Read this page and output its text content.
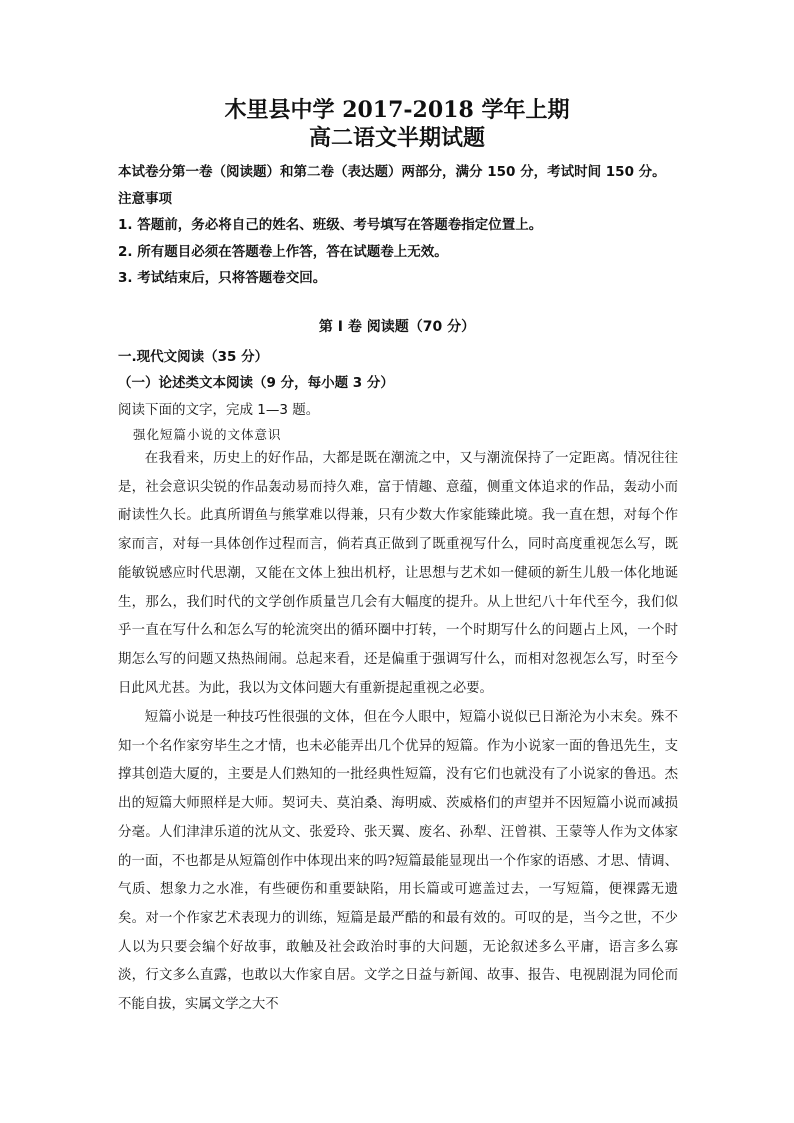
木里县中学 2017-2018 学年上期
高二语文半期试题
本试卷分第一卷（阅读题）和第二卷（表达题）两部分，满分 150 分，考试时间 150 分。
注意事项
1. 答题前，务必将自己的姓名、班级、考号填写在答题卷指定位置上。
2. 所有题目必须在答题卷上作答，答在试题卷上无效。
3. 考试结束后，只将答题卷交回。
第 I 卷 阅读题（70 分）
一.现代文阅读（35 分）
（一）论述类文本阅读（9 分，每小题 3 分）
阅读下面的文字，完成 1—3 题。
强化短篇小说的文体意识

在我看来，历史上的好作品，大都是既在潮流之中，又与潮流保持了一定距离。情况往往是，社会意识尖锐的作品轰动易而持久难，富于情趣、意蕴，侧重文体追求的作品，轰动小而耐读性久长。此真所谓鱼与熊掌难以得兼，只有少数大作家能臻此境。我一直在想，对每个作家而言，对每一具体创作过程而言，倘若真正做到了既重视写什么，同时高度重视怎么写，既能敏锐感应时代思潮，又能在文体上独出机杼，让思想与艺术如一健硕的新生儿般一体化地诞生，那么，我们时代的文学创作质量岂几会有大幅度的提升。从上世纪八十年代至今，我们似乎一直在写什么和怎么写的轮流突出的循环圈中打转，一个时期写什么的问题占上风，一个时期怎么写的问题又热热闹闹。总起来看，还是偏重于强调写什么，而相对忽视怎么写，时至今日此风尤甚。为此，我以为文体问题大有重新提起重视之必要。

短篇小说是一种技巧性很强的文体，但在今人眼中，短篇小说似已日渐沦为小末矣。殊不知一个名作家穷毕生之才情，也未必能弄出几个优异的短篇。作为小说家一面的鲁迅先生，支撑其创造大厦的，主要是人们熟知的一批经典性短篇，没有它们也就没有了小说家的鲁迅。杰出的短篇大师照样是大师。契诃夫、莫泊桑、海明威、茨威格们的声望并不因短篇小说而减损分毫。人们津津乐道的沈从文、张爱玲、张天翼、废名、孙犁、汪曾祺、王蒙等人作为文体家的一面，不也都是从短篇创作中体现出来的吗?短篇最能显现出一个作家的语感、才思、情调、气质、想象力之水准，有些硬伤和重要缺陷，用长篇或可遮盖过去，一写短篇，便裸露无遗矣。对一个作家艺术表现力的训练，短篇是最严酷的和最有效的。可叹的是，当今之世，不少人以为只要会编个好故事，敢触及社会政治时事的大问题，无论叙述多么平庸，语言多么寡淡，行文多么直露，也敢以大作家自居。文学之日益与新闻、故事、报告、电视剧混为同伦而不能自拔，实属文学之大不
